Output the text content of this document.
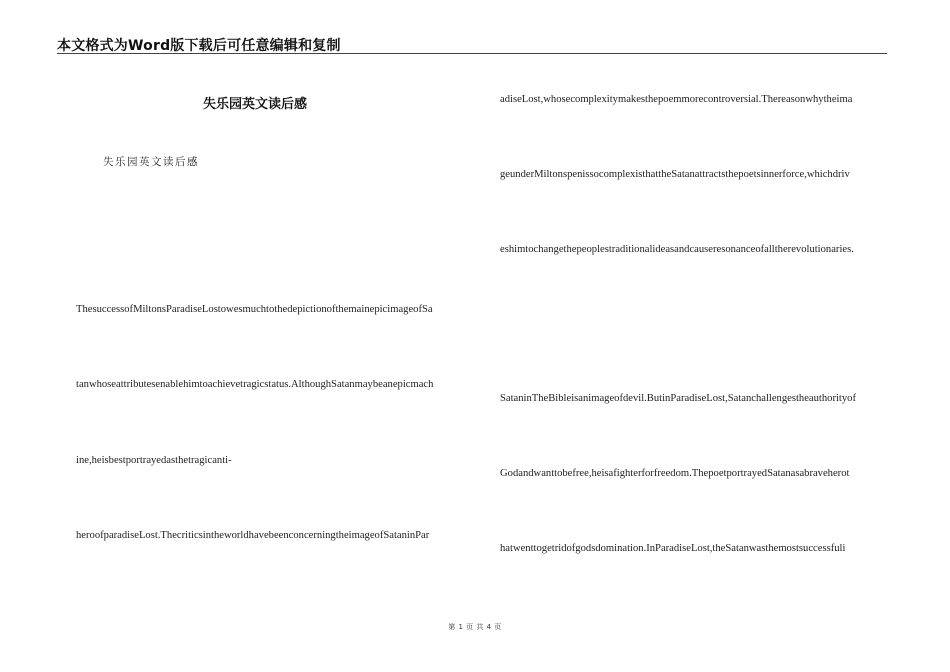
本文格式为Word版下载后可任意编辑和复制
失乐园英文读后感
失乐园英文读后感
ThesuccessofMiltonsParadiseLostowesmuchtothedepictionofthemainepicimageofSa
tanwhoseattributesenablehimtoachievetragicstatus.AlthoughSatanmaybeanepicmach
ine,heisbestportrayedasthetragicanti-
heroofparadiseLost.ThecriticsintheworldhavebeenconcerningtheimageofSataninPar
adiseLost,whosecomplexitymakesthepoemmorecontroversial.Thereasonwhytheima
geunderMiltonspenissocomplexisthattheSatanattractsthepoetsinnerforce,whichdriv
eshimtochangethepeoplestraditionalideasandcauseresonanceofalltherevolutionaries.
SataninTheBibleisanimageofdevil.ButinParadiseLost,Satanchallengestheauthorityof
Godandwanttobefree,heisafighterforfreedom.ThepoetportrayedSatanasabraveherot
hatwenttogetridofgodsdomination.InParadiseLost,theSatanwasthemostsuccessfuli
第 1 页 共 4 页
